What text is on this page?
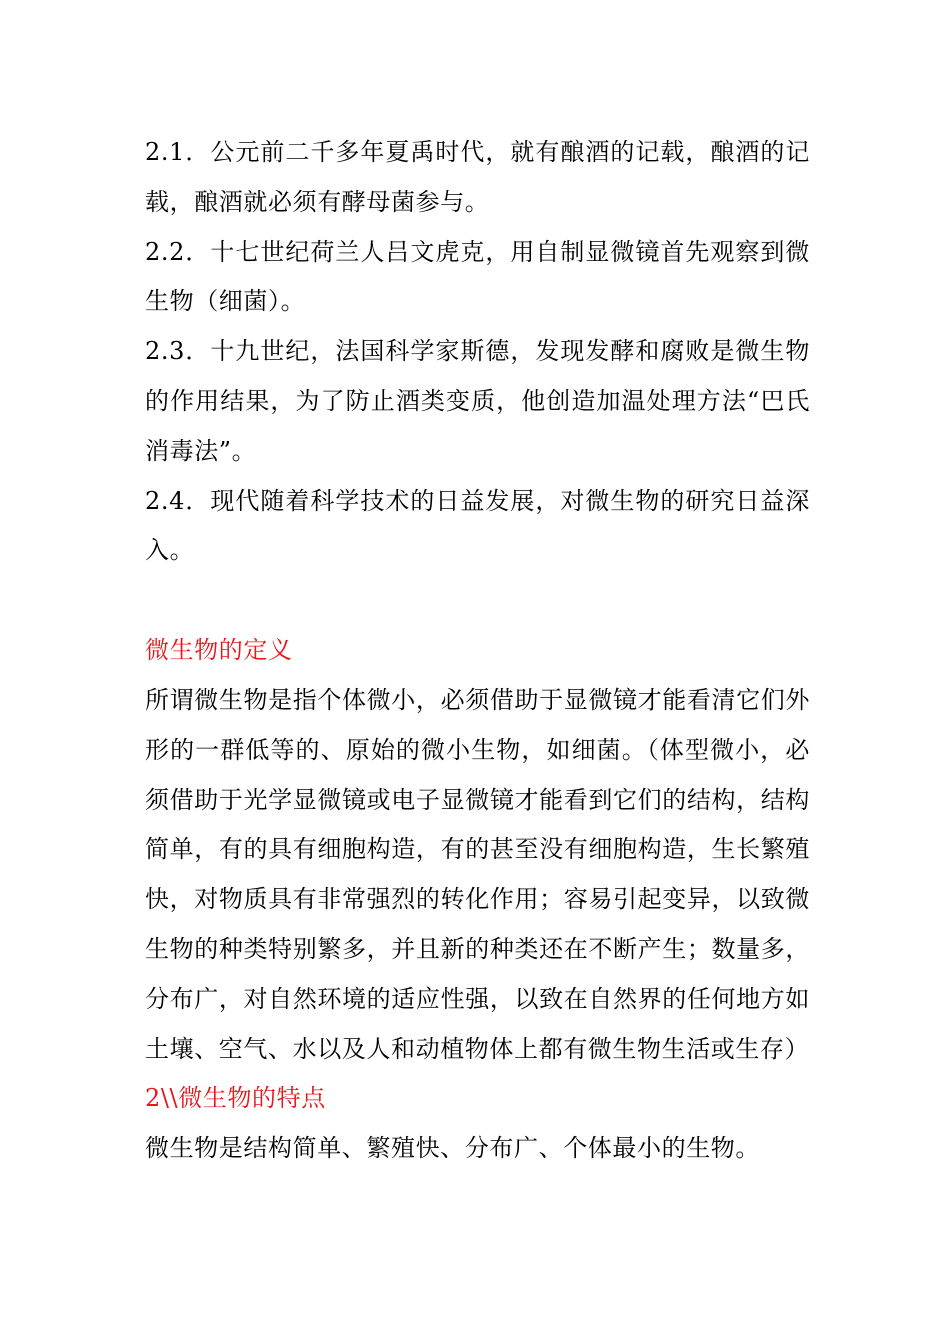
2.1．公元前二千多年夏禹时代，就有酿酒的记载，酿酒的记载，酿酒就必须有酵母菌参与。

2.2．十七世纪荷兰人吕文虎克，用自制显微镜首先观察到微生物（细菌）。

2.3．十九世纪，法国科学家斯德，发现发酵和腐败是微生物的作用结果，为了防止酒类变质，他创造加温处理方法“巴氏消毒法”。

2.4．现代随着科学技术的日益发展，对微生物的研究日益深入。

微生物的定义

所谓微生物是指个体微小，必须借助于显微镜才能看清它们外形的一群低等的、原始的微小生物，如细菌。（体型微小，必须借助于光学显微镜或电子显微镜才能看到它们的结构，结构简单，有的具有细胞构造，有的甚至没有细胞构造，生长繁殖快，对物质具有非常强烈的转化作用；容易引起变异，以致微生物的种类特别繁多，并且新的种类还在不断产生；数量多，分布广，对自然环境的适应性强，以致在自然界的任何地方如土壤、空气、水以及人和动植物体上都有微生物生活或生存）

2\\微生物的特点

微生物是结构简单、繁殖快、分布广、个体最小的生物。
